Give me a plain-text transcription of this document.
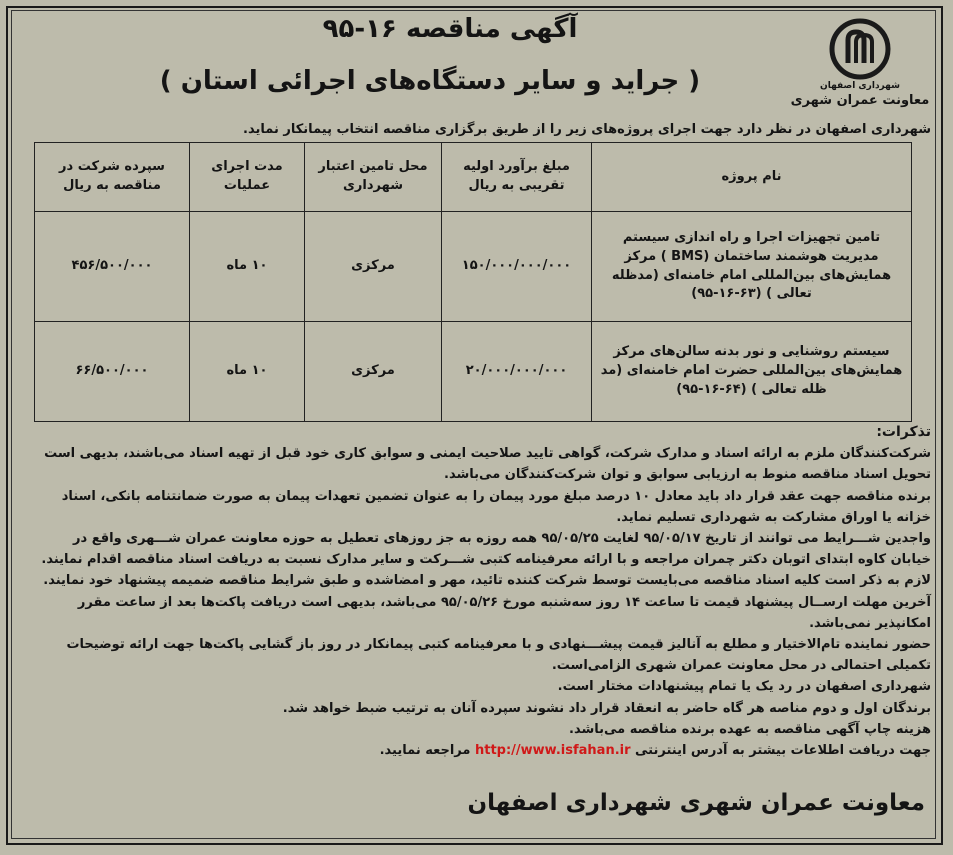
شهرداری اصفهان
معاونت عمران شهری
آگهی مناقصه ۱۶-۹۵
( جراید و سایر دستگاه‌های اجرائی استان )
شهرداری اصفهان در نظر دارد جهت اجرای پروژه‌های زیر را از طریق برگزاری مناقصه انتخاب پیمانکار نماید.
نام پروژه	مبلغ برآورد اولیه تقریبی به ریال	محل تامین اعتبار شهرداری	مدت اجرای عملیات	سپرده شرکت در مناقصه به ریال
تامین تجهیزات اجرا و راه اندازی سیستم مدیریت هوشمند ساختمان (BMS ) مرکز همایش‌های بین‌المللی امام خامنه‌ای (مدظله تعالی ) (۶۳-۱۶-۹۵)	۱۵۰/۰۰۰/۰۰۰/۰۰۰	مرکزی	۱۰ ماه	۴۵۶/۵۰۰/۰۰۰
سیستم روشنایی و نور بدنه سالن‌های مرکز همایش‌های بین‌المللی حضرت امام خامنه‌ای (مد ظله تعالی ) (۶۴-۱۶-۹۵)	۲۰/۰۰۰/۰۰۰/۰۰۰	مرکزی	۱۰ ماه	۶۶/۵۰۰/۰۰۰

تذکرات:

شرکت‌کنندگان ملزم به ارائه اسناد و مدارک شرکت، گواهی تایید صلاحیت ایمنی و سوابق کاری خود قبل از تهیه اسناد می‌باشند، بدیهی است تحویل اسناد مناقصه منوط به ارزیابی سوابق و توان شرکت‌کنندگان می‌باشد.

برنده مناقصه جهت عقد قرار داد باید معادل ۱۰ درصد مبلغ مورد پیمان را به عنوان تضمین تعهدات پیمان به صورت ضمانتنامه بانکی، اسناد خزانه یا اوراق مشارکت به شهرداری تسلیم نماید.

واجدین شـــرایط می توانند از تاریخ ۹۵/۰۵/۱۷ لغایت ۹۵/۰۵/۲۵ همه روزه به جز روزهای تعطیل به حوزه معاونت عمران شـــهری واقع در خیابان کاوه ابتدای اتوبان دکتر چمران مراجعه و با ارائه معرفینامه کتبی شـــرکت و سایر مدارک نسبت به دریافت اسناد مناقصه اقدام نمایند.

لازم به ذکر است کلیه اسناد مناقصه می‌بایست توسط شرکت کننده تائید، مهر و امضاشده و طبق شرایط مناقصه ضمیمه پیشنهاد خود نمایند.

آخرین مهلت ارســال پیشنهاد قیمت تا ساعت ۱۴ روز سه‌شنبه مورخ ۹۵/۰۵/۲۶ می‌باشد، بدیهی است دریافت پاکت‌ها بعد از ساعت مقرر امکانپذیر نمی‌باشد.

حضور نماینده تام‌الاختیار و مطلع به آنالیز قیمت پیشـــنهادی و با معرفینامه کتبی پیمانکار در روز باز گشایی پاکت‌ها جهت ارائه توضیحات تکمیلی احتمالی در محل معاونت عمران شهری الزامی‌است.

شهرداری اصفهان در رد یک یا تمام پیشنهادات مختار است.

برندگان اول و دوم مناصه هر گاه حاضر به انعقاد قرار داد نشوند سپرده آنان به ترتیب ضبط خواهد شد.

هزینه چاپ آگهی مناقصه به عهده برنده مناقصه می‌باشد.

جهت دریافت اطلاعات بیشتر به آدرس اینترنتی http://www.isfahan.ir مراجعه نمایید.

معاونت عمران شهری شهرداری اصفهان
